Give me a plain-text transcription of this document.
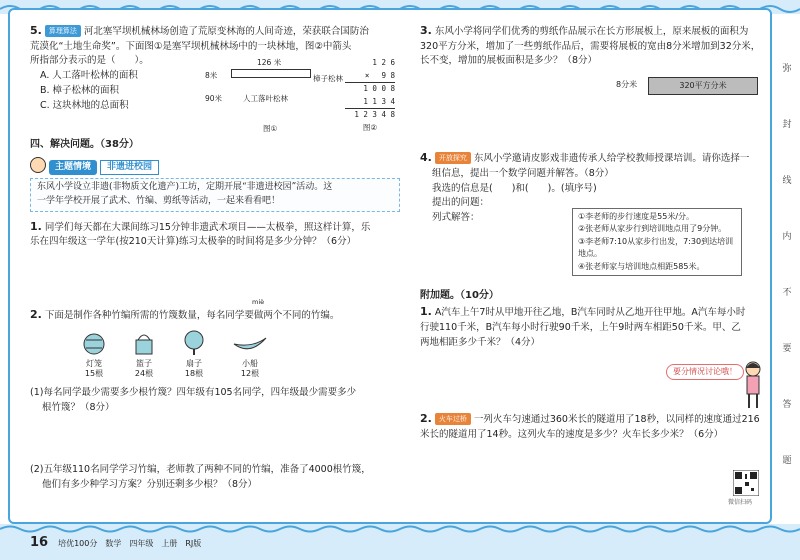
5. 算理算法 河北塞罕坝机械林场创造了荒原变林海的人间奇迹，荣获联合国防治

荒漠化“土地生命奖”。下面图①是塞罕坝机械林场中的一块林地，图②中箭头

所指部分表示的是（　　）。

A. 人工落叶松林的面积

B. 樟子松林的面积

C. 这块林地的总面积

126 米
8米
90米	人工落叶松林
樟子松林
图①
1 2 6
× 　9 8
1 0 0 8
1 1 3 4
1 2 3 4 8
图②

四、解决问题。（38分）

主题情境 非遗进校园

东风小学设立非遗(非物质文化遗产)工坊，定期开展“非遗进校园”活动。这

一学年学校开展了武术、竹编、剪纸等活动，一起来看看吧！

1. 同学们每天都在大课间练习15分钟非遗武术项目——太极拳，照这样计算，乐

乐在四年级这一学年(按210天计算)练习太极拳的时间将是多少分钟？（6分）

miè

2. 下面是制作各种竹编所需的竹篾数量，每名同学要做两个不同的竹编。

灯笼
15根
篮子
24根
扇子
18根
小船
12根

(1)每名同学最少需要多少根竹篾？四年级有105名同学，四年级最少需要多少

根竹篾？（8分）

(2)五年级110名同学学习竹编，老师教了两种不同的竹编，准备了4000根竹篾，

他们有多少种学习方案？分别还剩多少根？（8分）

3. 东风小学将同学们优秀的剪纸作品展示在长方形展板上，原来展板的面积为

320平方分米，增加了一些剪纸作品后，需要将展板的宽由8分米增加到32分米，

长不变，增加的展板面积是多少？（8分）

8分米	320平方分米

4. 开放探究 东风小学邀请皮影戏非遗传承人给学校教师授课培训。请你选择一

组信息，提出一个数学问题并解答。（8分）

我选的信息是(　　)和(　　)。(填序号)

提出的问题：

列式解答：	①李老师的步行速度是55米/分。
②张老师从家步行到培训地点用了9分钟。
③李老师7:10从家步行出发，7:30到达培训地点。
④张老师家与培训地点相距585米。

附加题。（10分）

1. A汽车上午7时从甲地开往乙地，B汽车同时从乙地开往甲地。A汽车每小时

行驶110千米，B汽车每小时行驶90千米，上午9时两车相距50千米。甲、乙

两地相距多少千米？（4分）

2. 火车过桥 一列火车匀速通过360米长的隧道用了18秒，以同样的速度通过216

米长的隧道用了14秒。这列火车的速度是多少？火车长多少米？（6分）

要分情况讨论哦！
微信扫码
弥
封
线
内
不
要
答
题
16 培优100分　数学　四年级　上册　RJ版
